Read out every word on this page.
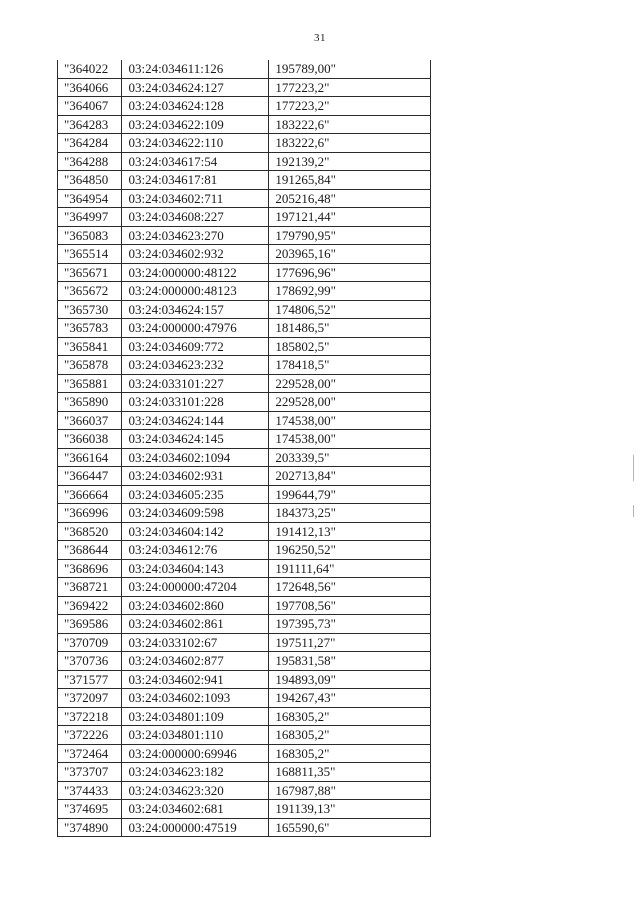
31
"364022	03:24:034611:126	195789,00"
"364066	03:24:034624:127	177223,2"
"364067	03:24:034624:128	177223,2"
"364283	03:24:034622:109	183222,6"
"364284	03:24:034622:110	183222,6"
"364288	03:24:034617:54	192139,2"
"364850	03:24:034617:81	191265,84"
"364954	03:24:034602:711	205216,48"
"364997	03:24:034608:227	197121,44"
"365083	03:24:034623:270	179790,95"
"365514	03:24:034602:932	203965,16"
"365671	03:24:000000:48122	177696,96"
"365672	03:24:000000:48123	178692,99"
"365730	03:24:034624:157	174806,52"
"365783	03:24:000000:47976	181486,5"
"365841	03:24:034609:772	185802,5"
"365878	03:24:034623:232	178418,5"
"365881	03:24:033101:227	229528,00"
"365890	03:24:033101:228	229528,00"
"366037	03:24:034624:144	174538,00"
"366038	03:24:034624:145	174538,00"
"366164	03:24:034602:1094	203339,5"
"366447	03:24:034602:931	202713,84"
"366664	03:24:034605:235	199644,79"
"366996	03:24:034609:598	184373,25"
"368520	03:24:034604:142	191412,13"
"368644	03:24:034612:76	196250,52"
"368696	03:24:034604:143	191111,64"
"368721	03:24:000000:47204	172648,56"
"369422	03:24:034602:860	197708,56"
"369586	03:24:034602:861	197395,73"
"370709	03:24:033102:67	197511,27"
"370736	03:24:034602:877	195831,58"
"371577	03:24:034602:941	194893,09"
"372097	03:24:034602:1093	194267,43"
"372218	03:24:034801:109	168305,2"
"372226	03:24:034801:110	168305,2"
"372464	03:24:000000:69946	168305,2"
"373707	03:24:034623:182	168811,35"
"374433	03:24:034623:320	167987,88"
"374695	03:24:034602:681	191139,13"
"374890	03:24:000000:47519	165590,6"
